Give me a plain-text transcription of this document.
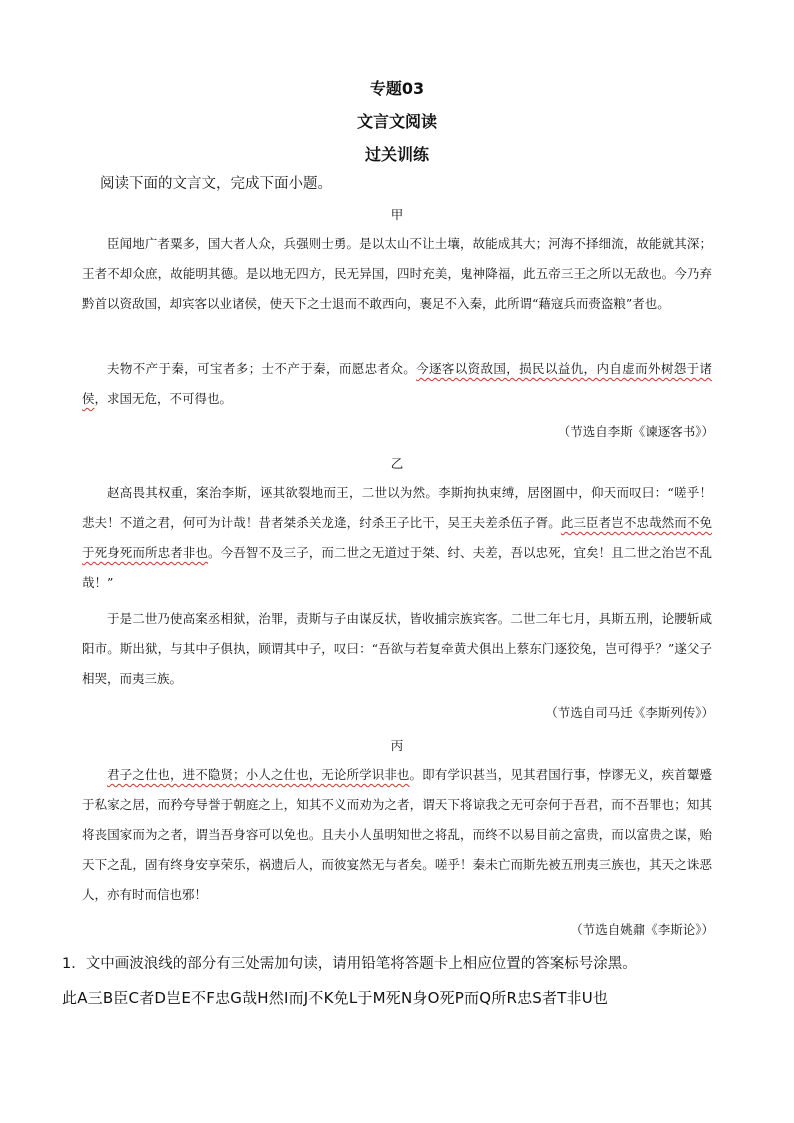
专题03
文言文阅读
过关训练
阅读下面的文言文，完成下面小题。
甲

臣闻地广者粟多，国大者人众，兵强则士勇。是以太山不让土壤，故能成其大；河海不择细流，故能就其深；王者不却众庶，故能明其德。是以地无四方，民无异国，四时充美，鬼神降福，此五帝三王之所以无敌也。今乃弃黔首以资敌国，却宾客以业诸侯，使天下之士退而不敢西向，裹足不入秦，此所谓“藉寇兵而赍盗粮”者也。

夫物不产于秦，可宝者多；士不产于秦，而愿忠者众。今逐客以资敌国，损民以益仇，内自虚而外树怨于诸侯，求国无危，不可得也。

（节选自李斯《谏逐客书》）
乙

赵高畏其权重，案治李斯，诬其欲裂地而王，二世以为然。李斯拘执束缚，居囹圄中，仰天而叹曰：“嗟乎！悲夫！不道之君，何可为计哉！昔者桀杀关龙逄，纣杀王子比干，吴王夫差杀伍子胥。此三臣者岂不忠哉然而不免于死身死而所忠者非也。今吾智不及三子，而二世之无道过于桀、纣、夫差，吾以忠死，宜矣！且二世之治岂不乱哉！”

于是二世乃使高案丞相狱，治罪，责斯与子由谋反状，皆收捕宗族宾客。二世二年七月，具斯五刑，论腰斩咸阳市。斯出狱，与其中子俱执，顾谓其中子，叹曰：“吾欲与若复牵黄犬俱出上蔡东门逐狡兔，岂可得乎？”遂父子相哭，而夷三族。

（节选自司马迁《李斯列传》）
丙

君子之仕也，进不隐贤；小人之仕也，无论所学识非也。即有学识甚当，见其君国行事，悖谬无义，疾首颦蹙于私家之居，而矜夸导誉于朝庭之上，知其不义而劝为之者，谓天下将谅我之无可奈何于吾君，而不吾罪也；知其将丧国家而为之者，谓当吾身容可以免也。且夫小人虽明知世之将乱，而终不以易目前之富贵，而以富贵之谋，贻天下之乱，固有终身安享荣乐，祸遗后人，而彼宴然无与者矣。嗟乎！秦未亡而斯先被五刑夷三族也，其天之诛恶人，亦有时而信也邪！

（节选自姚鼐《李斯论》）
1．文中画波浪线的部分有三处需加句读，请用铅笔将答题卡上相应位置的答案标号涂黑。
此A三B臣C者D岂E不F忠G哉H然I而J不K免L于M死N身O死P而Q所R忠S者T非U也
